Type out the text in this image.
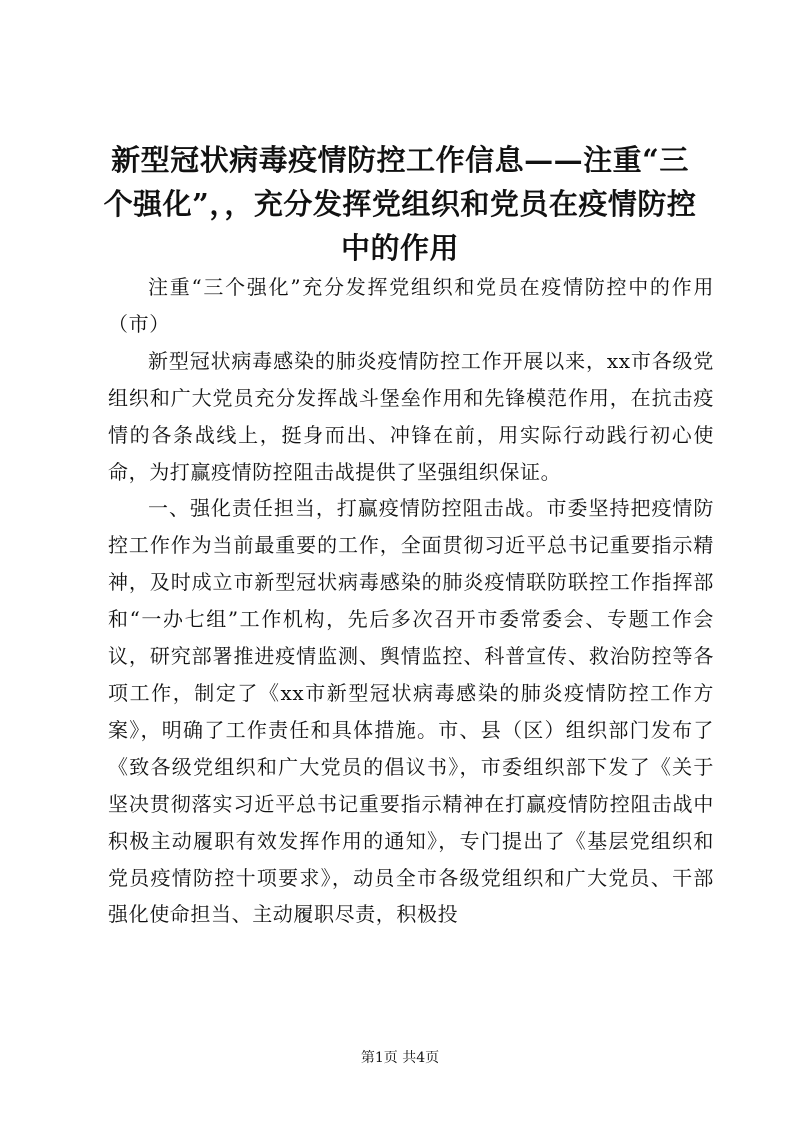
新型冠状病毒疫情防控工作信息——注重“三个强化”，，充分发挥党组织和党员在疫情防控中的作用

注重“三个强化”充分发挥党组织和党员在疫情防控中的作用（市）

新型冠状病毒感染的肺炎疫情防控工作开展以来，xx市各级党组织和广大党员充分发挥战斗堡垒作用和先锋模范作用，在抗击疫情的各条战线上，挺身而出、冲锋在前，用实际行动践行初心使命，为打赢疫情防控阻击战提供了坚强组织保证。

一、强化责任担当，打赢疫情防控阻击战。市委坚持把疫情防控工作作为当前最重要的工作，全面贯彻习近平总书记重要指示精神，及时成立市新型冠状病毒感染的肺炎疫情联防联控工作指挥部和“一办七组”工作机构，先后多次召开市委常委会、专题工作会议，研究部署推进疫情监测、舆情监控、科普宣传、救治防控等各项工作，制定了《xx市新型冠状病毒感染的肺炎疫情防控工作方案》，明确了工作责任和具体措施。市、县（区）组织部门发布了《致各级党组织和广大党员的倡议书》，市委组织部下发了《关于坚决贯彻落实习近平总书记重要指示精神在打赢疫情防控阻击战中积极主动履职有效发挥作用的通知》，专门提出了《基层党组织和党员疫情防控十项要求》，动员全市各级党组织和广大党员、干部强化使命担当、主动履职尽责，积极投

第1页 共4页
